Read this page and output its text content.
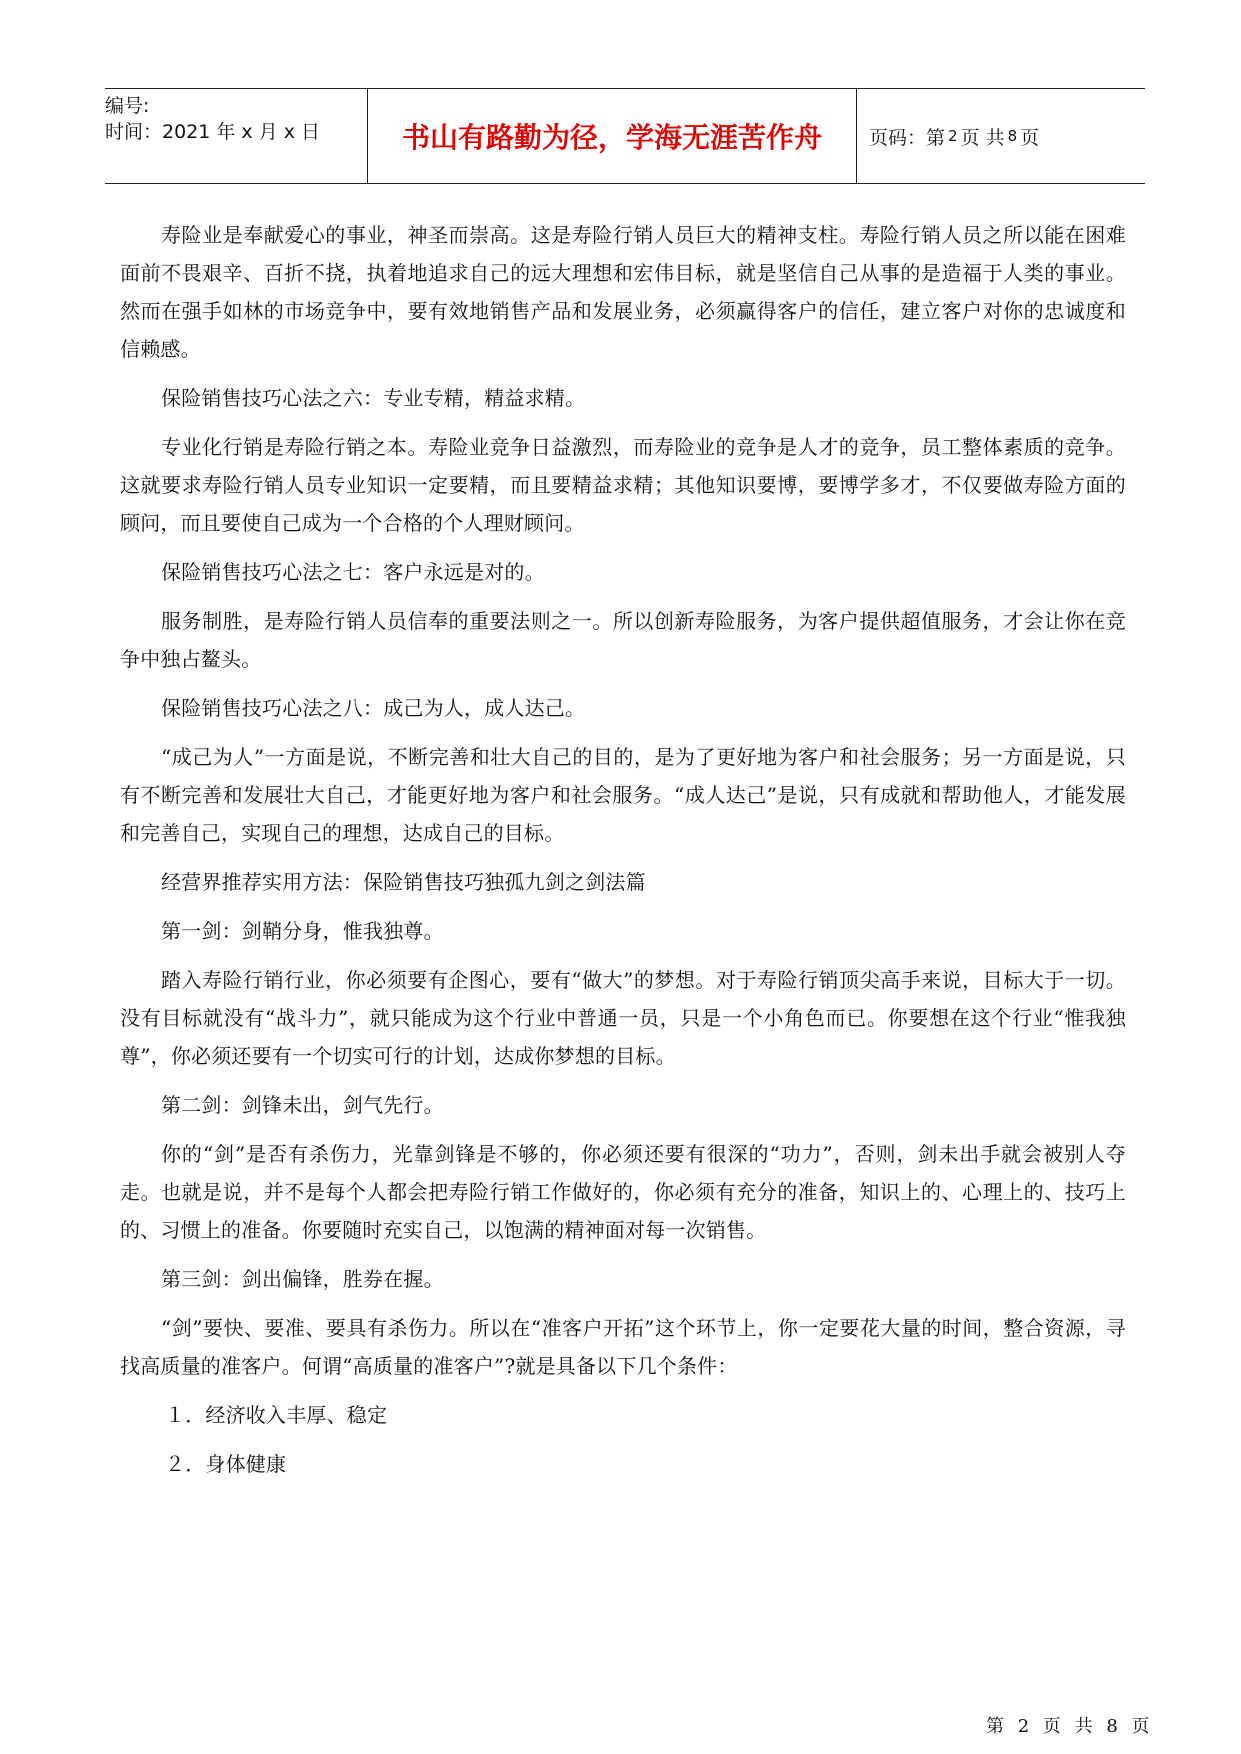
编号:
时间：2021 年 x 月 x 日	书山有路勤为径，学海无涯苦作舟	页码：第 2 页 共 8 页

寿险业是奉献爱心的事业，神圣而崇高。这是寿险行销人员巨大的精神支柱。寿险行销人员之所以能在困难面前不畏艰辛、百折不挠，执着地追求自己的远大理想和宏伟目标，就是坚信自己从事的是造福于人类的事业。然而在强手如林的市场竞争中，要有效地销售产品和发展业务，必须赢得客户的信任，建立客户对你的忠诚度和信赖感。

保险销售技巧心法之六：专业专精，精益求精。

专业化行销是寿险行销之本。寿险业竞争日益激烈，而寿险业的竞争是人才的竞争，员工整体素质的竞争。这就要求寿险行销人员专业知识一定要精，而且要精益求精；其他知识要博，要博学多才，不仅要做寿险方面的顾问，而且要使自己成为一个合格的个人理财顾问。

保险销售技巧心法之七：客户永远是对的。

服务制胜，是寿险行销人员信奉的重要法则之一。所以创新寿险服务，为客户提供超值服务，才会让你在竞争中独占鳌头。

保险销售技巧心法之八：成己为人，成人达己。

“成己为人”一方面是说，不断完善和壮大自己的目的，是为了更好地为客户和社会服务；另一方面是说，只有不断完善和发展壮大自己，才能更好地为客户和社会服务。“成人达己”是说，只有成就和帮助他人，才能发展和完善自己，实现自己的理想，达成自己的目标。

经营界推荐实用方法：保险销售技巧独孤九剑之剑法篇

第一剑：剑鞘分身，惟我独尊。

踏入寿险行销行业，你必须要有企图心，要有“做大”的梦想。对于寿险行销顶尖高手来说，目标大于一切。没有目标就没有“战斗力”，就只能成为这个行业中普通一员，只是一个小角色而已。你要想在这个行业“惟我独尊”，你必须还要有一个切实可行的计划，达成你梦想的目标。

第二剑：剑锋未出，剑气先行。

你的“剑”是否有杀伤力，光靠剑锋是不够的，你必须还要有很深的“功力”，否则，剑未出手就会被别人夺走。也就是说，并不是每个人都会把寿险行销工作做好的，你必须有充分的准备，知识上的、心理上的、技巧上的、习惯上的准备。你要随时充实自己，以饱满的精神面对每一次销售。

第三剑：剑出偏锋，胜券在握。

“剑”要快、要准、要具有杀伤力。所以在“准客户开拓”这个环节上，你一定要花大量的时间，整合资源，寻找高质量的准客户。何谓“高质量的准客户”?就是具备以下几个条件：

１．经济收入丰厚、稳定

２．身体健康

第 2 页 共 8 页
